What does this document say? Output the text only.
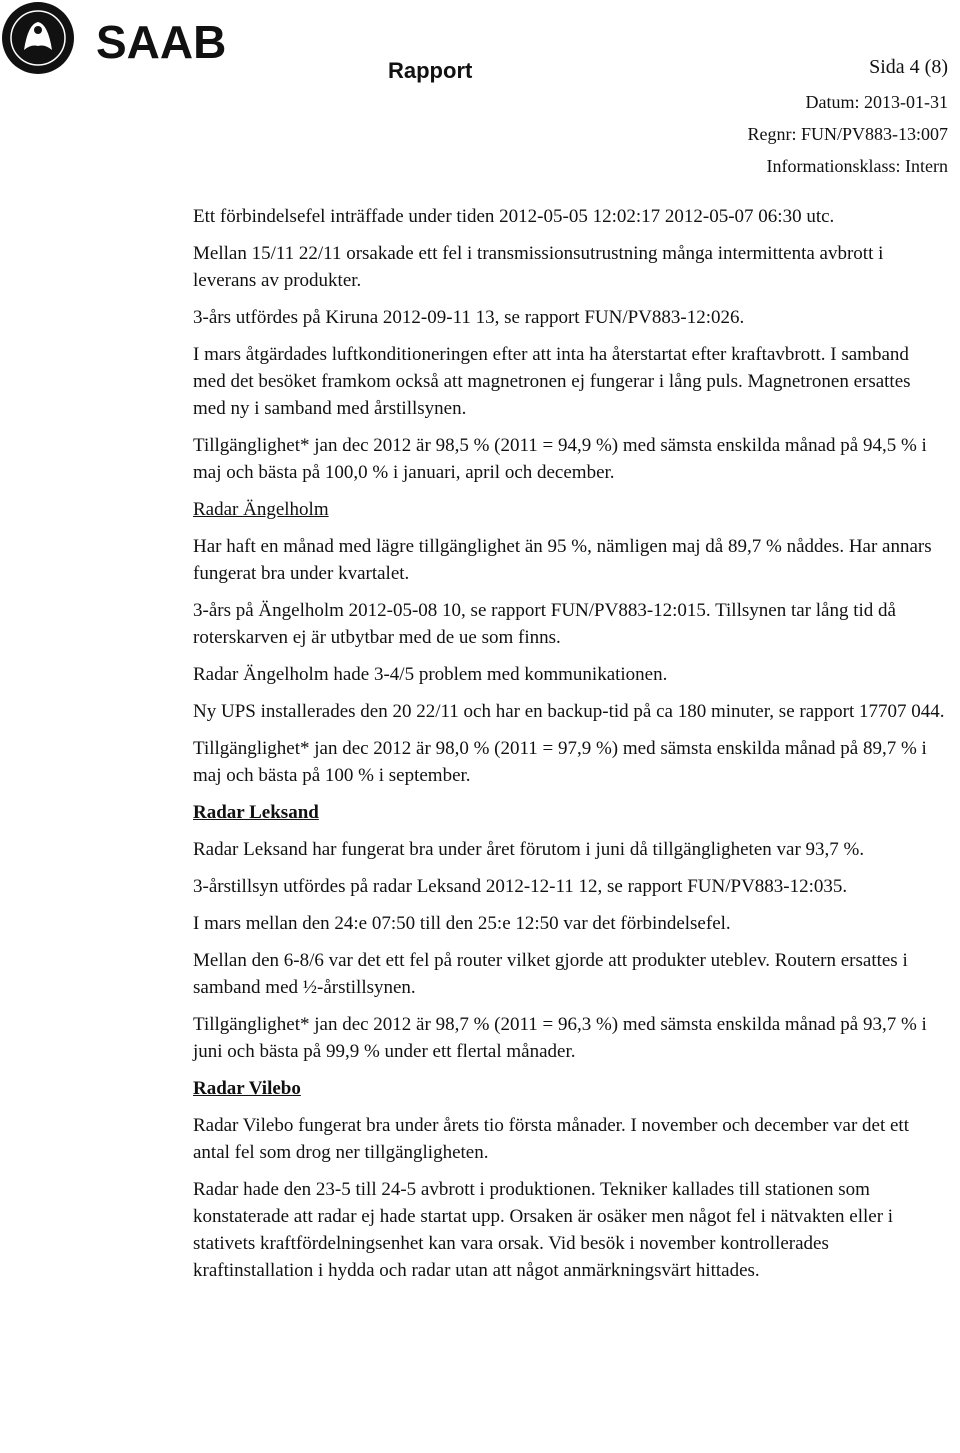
SAAB
Rapport	Sida 4 (8)
Datum: 2013-01-31
Regnr: FUN/PV883-13:007
Informationsklass: Intern

Ett förbindelsefel inträffade under tiden 2012-05-05 12:02:17 2012-05-07 06:30 utc.

Mellan 15/11 22/11 orsakade ett fel i transmissionsutrustning många intermittenta avbrott i leverans av produkter.

3-års utfördes på Kiruna 2012-09-11 13, se rapport FUN/PV883-12:026.

I mars åtgärdades luftkonditioneringen efter att inta ha återstartat efter kraftavbrott. I samband med det besöket framkom också att magnetronen ej fungerar i lång puls. Magnetronen ersattes med ny i samband med årstillsynen.

Tillgänglighet* jan dec 2012 är 98,5 % (2011 = 94,9 %) med sämsta enskilda månad på 94,5 % i maj och bästa på 100,0 % i januari, april och december.

Radar Ängelholm

Har haft en månad med lägre tillgänglighet än 95 %, nämligen maj då 89,7 % nåddes. Har annars fungerat bra under kvartalet.

3-års på Ängelholm 2012-05-08 10, se rapport FUN/PV883-12:015. Tillsynen tar lång tid då roterskarven ej är utbytbar med de ue som finns.

Radar Ängelholm hade 3-4/5 problem med kommunikationen.

Ny UPS installerades den 20 22/11 och har en backup-tid på ca 180 minuter, se rapport 17707 044.

Tillgänglighet* jan dec 2012 är 98,0 % (2011 = 97,9 %) med sämsta enskilda månad på 89,7 % i maj och bästa på 100 % i september.

Radar Leksand

Radar Leksand har fungerat bra under året förutom i juni då tillgängligheten var 93,7 %.

3-årstillsyn utfördes på radar Leksand 2012-12-11 12, se rapport FUN/PV883-12:035.

I mars mellan den 24:e 07:50 till den 25:e 12:50 var det förbindelsefel.

Mellan den 6-8/6 var det ett fel på router vilket gjorde att produkter uteblev. Routern ersattes i samband med ½-årstillsynen.

Tillgänglighet* jan dec 2012 är 98,7 % (2011 = 96,3 %) med sämsta enskilda månad på 93,7 % i juni och bästa på 99,9 % under ett flertal månader.

Radar Vilebo

Radar Vilebo fungerat bra under årets tio första månader. I november och december var det ett antal fel som drog ner tillgängligheten.

Radar hade den 23-5 till 24-5 avbrott i produktionen. Tekniker kallades till stationen som konstaterade att radar ej hade startat upp. Orsaken är osäker men något fel i nätvakten eller i stativets kraftfördelningsenhet kan vara orsak. Vid besök i november kontrollerades kraftinstallation i hydda och radar utan att något anmärkningsvärt hittades.
